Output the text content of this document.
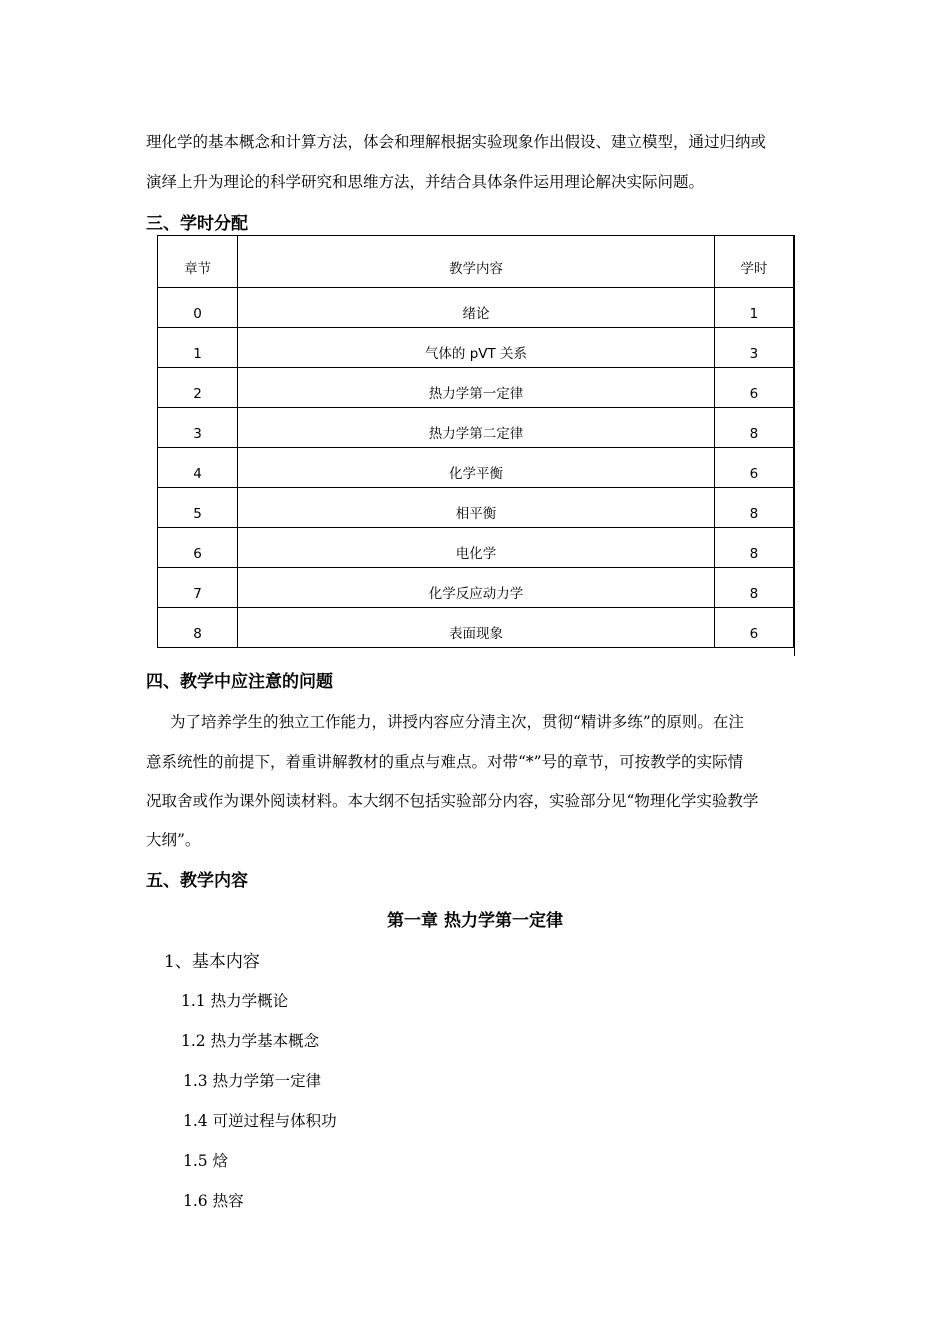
理化学的基本概念和计算方法，体会和理解根据实验现象作出假设、建立模型，通过归纳或
演绎上升为理论的科学研究和思维方法，并结合具体条件运用理论解决实际问题。
三、学时分配
章节	教学内容	学时
0	绪论	1
1	气体的 pVT 关系	3
2	热力学第一定律	6
3	热力学第二定律	8
4	化学平衡	6
5	相平衡	8
6	电化学	8
7	化学反应动力学	8
8	表面现象	6
四、教学中应注意的问题
为了培养学生的独立工作能力，讲授内容应分清主次，贯彻“精讲多练”的原则。在注
意系统性的前提下，着重讲解教材的重点与难点。对带“*”号的章节，可按教学的实际情
况取舍或作为课外阅读材料。本大纲不包括实验部分内容，实验部分见“物理化学实验教学
大纲”。
五、教学内容
第一章 热力学第一定律
1、基本内容
1.1 热力学概论
1.2 热力学基本概念
1.3 热力学第一定律
1.4 可逆过程与体积功
1.5 焓
1.6 热容
